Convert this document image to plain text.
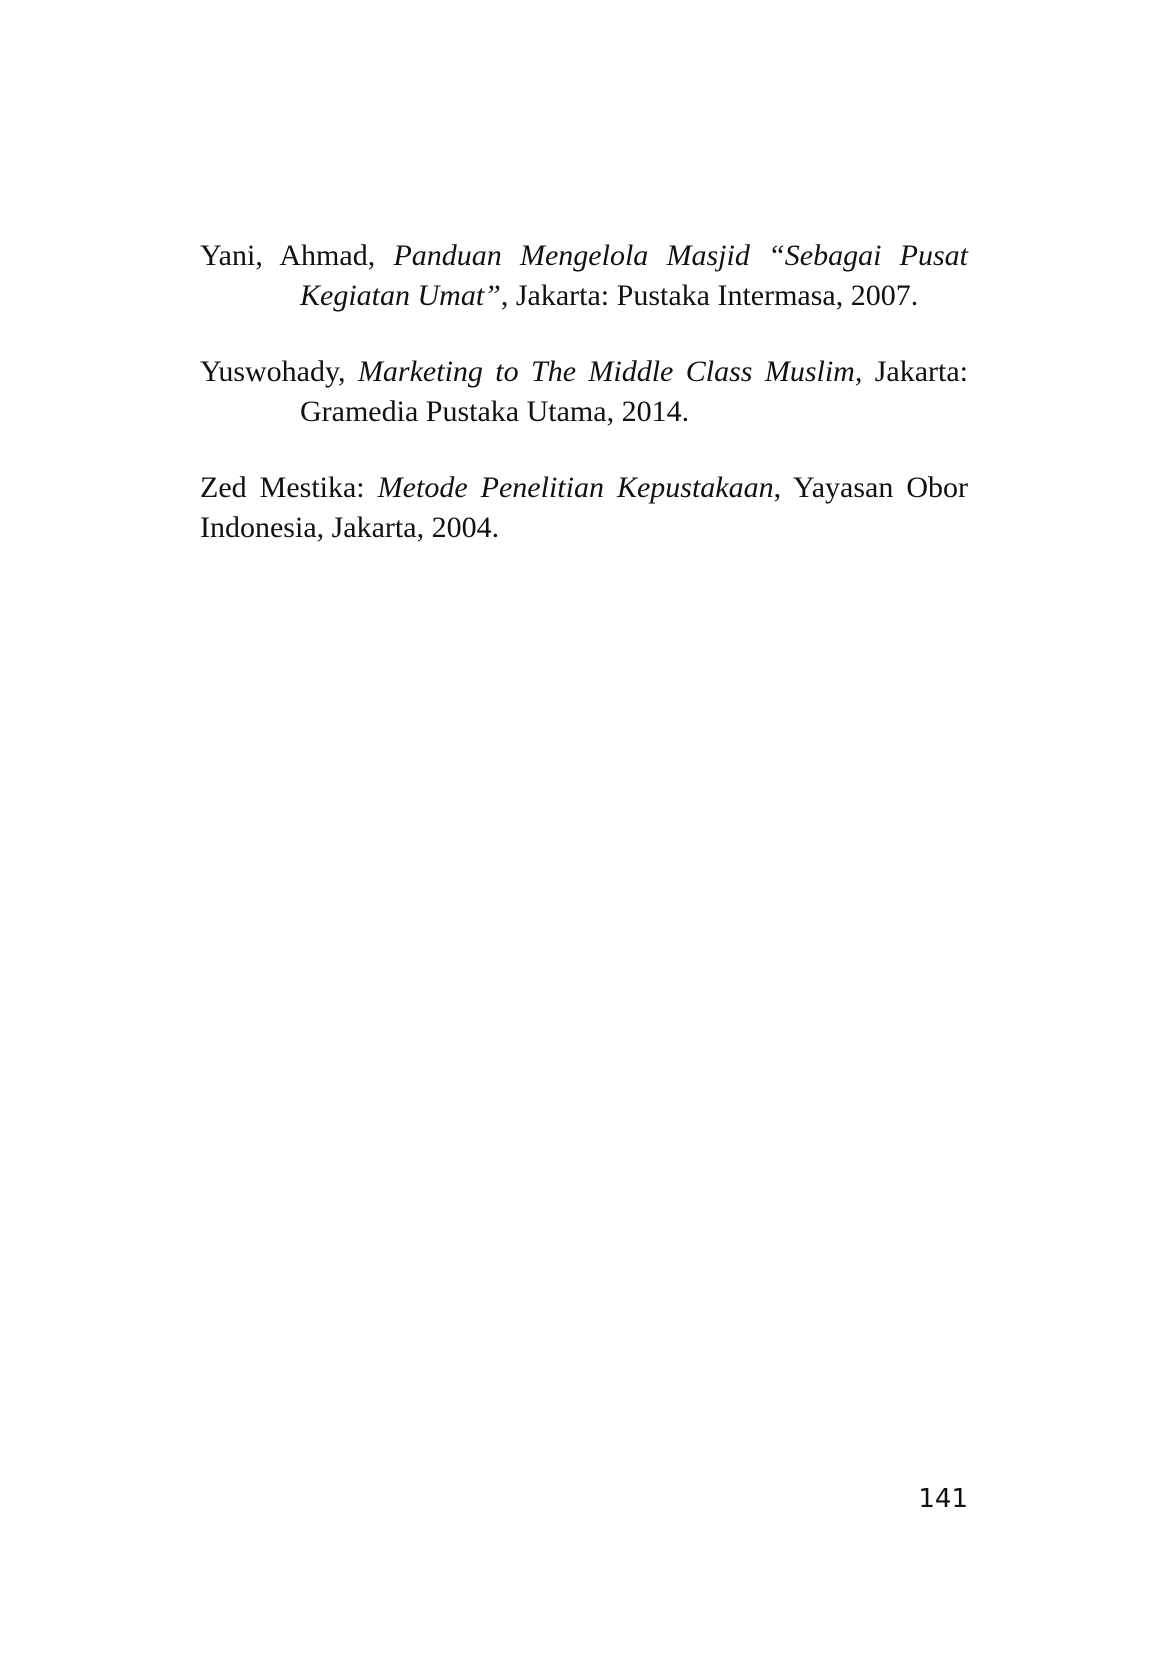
Yani, Ahmad, Panduan Mengelola Masjid “Sebagai Pusat Kegiatan Umat”, Jakarta: Pustaka Intermasa, 2007.

Yuswohady, Marketing to The Middle Class Muslim, Jakarta: Gramedia Pustaka Utama, 2014.

Zed Mestika: Metode Penelitian Kepustakaan, Yayasan Obor Indonesia, Jakarta, 2004.

141
